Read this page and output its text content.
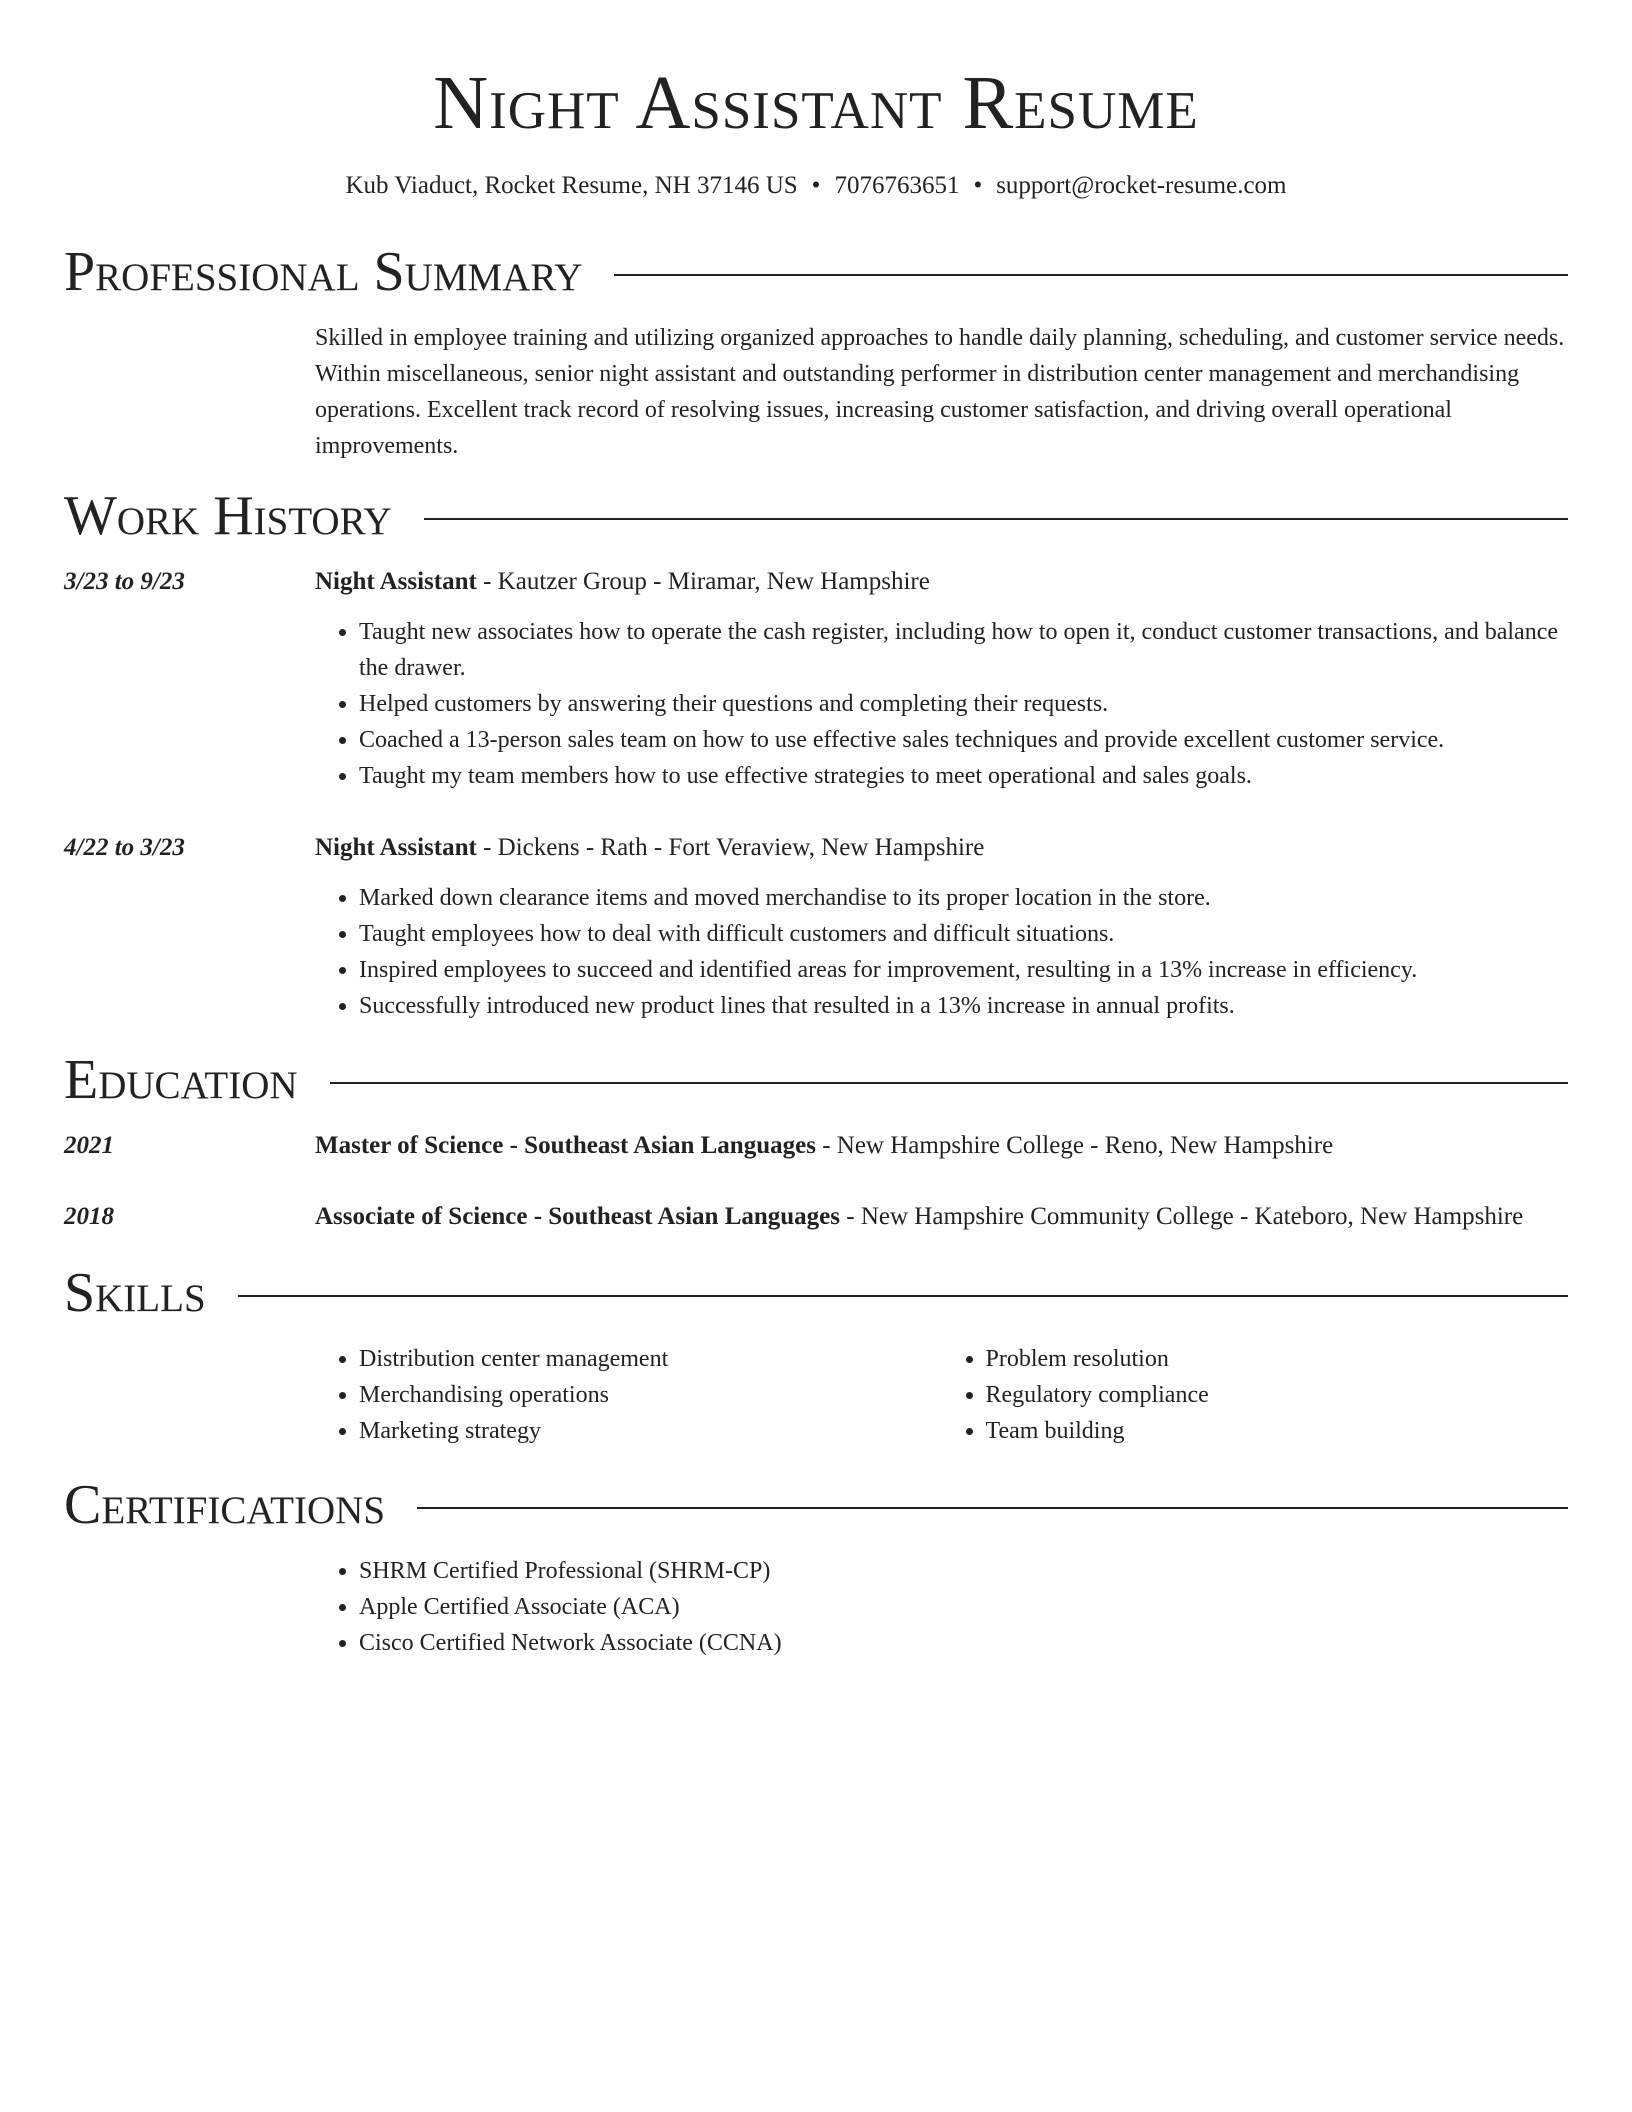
Night Assistant Resume
Kub Viaduct, Rocket Resume, NH 37146 US • 7076763651 • support@rocket-resume.com
Professional Summary
Skilled in employee training and utilizing organized approaches to handle daily planning, scheduling, and customer service needs. Within miscellaneous, senior night assistant and outstanding performer in distribution center management and merchandising operations. Excellent track record of resolving issues, increasing customer satisfaction, and driving overall operational improvements.
Work History
3/23 to 9/23	Night Assistant - Kautzer Group - Miramar, New Hampshire
• Taught new associates how to operate the cash register, including how to open it, conduct customer transactions, and balance the drawer.
• Helped customers by answering their questions and completing their requests.
• Coached a 13-person sales team on how to use effective sales techniques and provide excellent customer service.
• Taught my team members how to use effective strategies to meet operational and sales goals.
4/22 to 3/23	Night Assistant - Dickens - Rath - Fort Veraview, New Hampshire
• Marked down clearance items and moved merchandise to its proper location in the store.
• Taught employees how to deal with difficult customers and difficult situations.
• Inspired employees to succeed and identified areas for improvement, resulting in a 13% increase in efficiency.
• Successfully introduced new product lines that resulted in a 13% increase in annual profits.
Education
2021	Master of Science - Southeast Asian Languages - New Hampshire College - Reno, New Hampshire
2018	Associate of Science - Southeast Asian Languages - New Hampshire Community College - Kateboro, New Hampshire
Skills
• Distribution center management
• Merchandising operations
• Marketing strategy
• Problem resolution
• Regulatory compliance
• Team building
Certifications
• SHRM Certified Professional (SHRM-CP)
• Apple Certified Associate (ACA)
• Cisco Certified Network Associate (CCNA)
